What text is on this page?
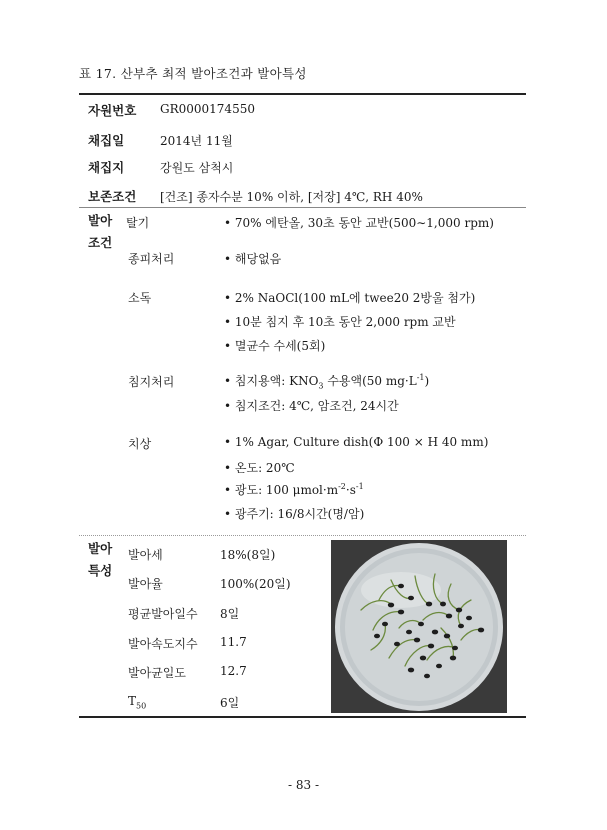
표 17. 산부추 최적 발아조건과 발아특성
자원번호 GR0000174550
채집일	2014년 11월
채집지	강원도 삼척시
보존조건 [건조] 종자수분 10% 이하, [저장] 4℃, RH 40%
발아
조건
탈기	• 70% 에탄올, 30초 동안 교반(500∼1,000 rpm)
종피처리	• 해당없음
소독	• 2% NaOCl(100 mL에 twee20 2방울 첨가)
• 10분 침지 후 10초 동안 2,000 rpm 교반
• 멸균수 수세(5회)
침지처리	• 침지용액: $KNO_3$ 수용액(50 $mg\cdot L^{-1}$)
• 침지조건: 4℃, 암조건, 24시간
치상	• 1% Agar, Culture dish(Φ 100 × H 40 mm)
• 온도: 20℃
• 광도: 100 $\mu mol\cdot m^{-2}\cdot s^{-1}$
• 광주기: 16/8시간(명/암)
발아
특성
발아세	18%(8일)
발아율	100%(20일)
평균발아일수 8일
발아속도지수 11.7
발아균일도	12.7
$T_{50}$	6일
- 83 -
